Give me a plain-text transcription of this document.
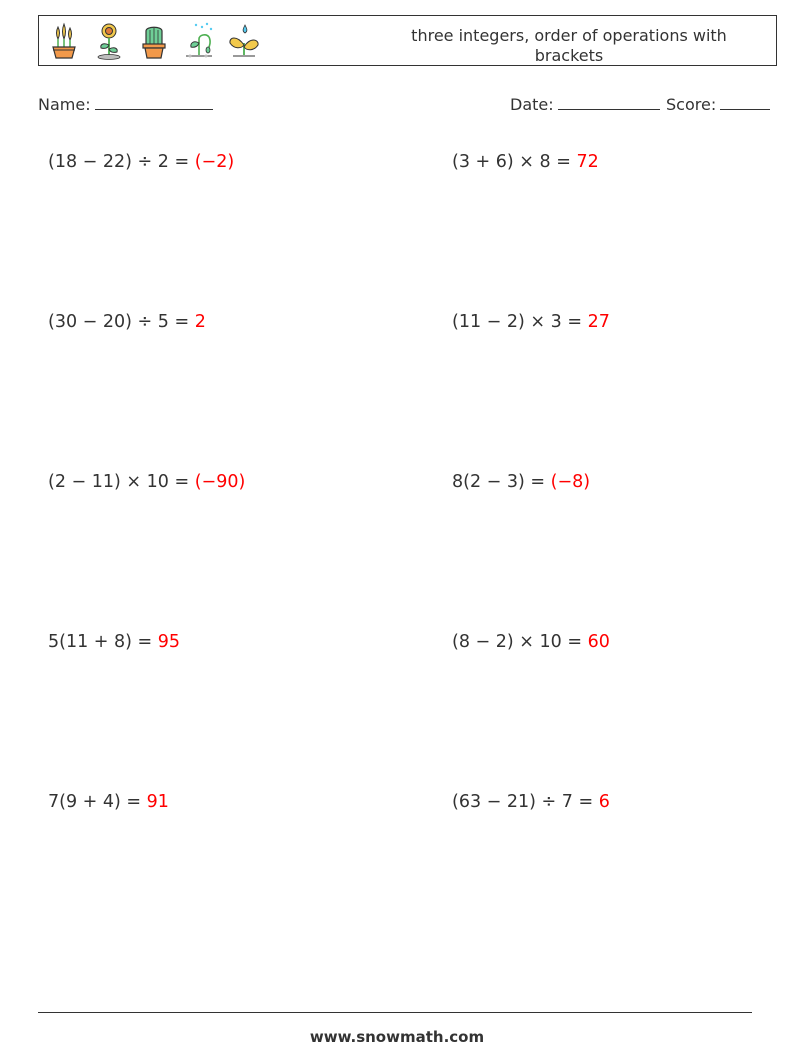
three integers, order of operations with brackets
Name:	Date:	Score:
(18 − 22) ÷ 2 = (−2)	(3 + 6) × 8 = 72
(30 − 20) ÷ 5 = 2	(11 − 2) × 3 = 27
(2 − 11) × 10 = (−90)	8(2 − 3) = (−8)
5(11 + 8) = 95	(8 − 2) × 10 = 60
7(9 + 4) = 91	(63 − 21) ÷ 7 = 6
www.snowmath.com
